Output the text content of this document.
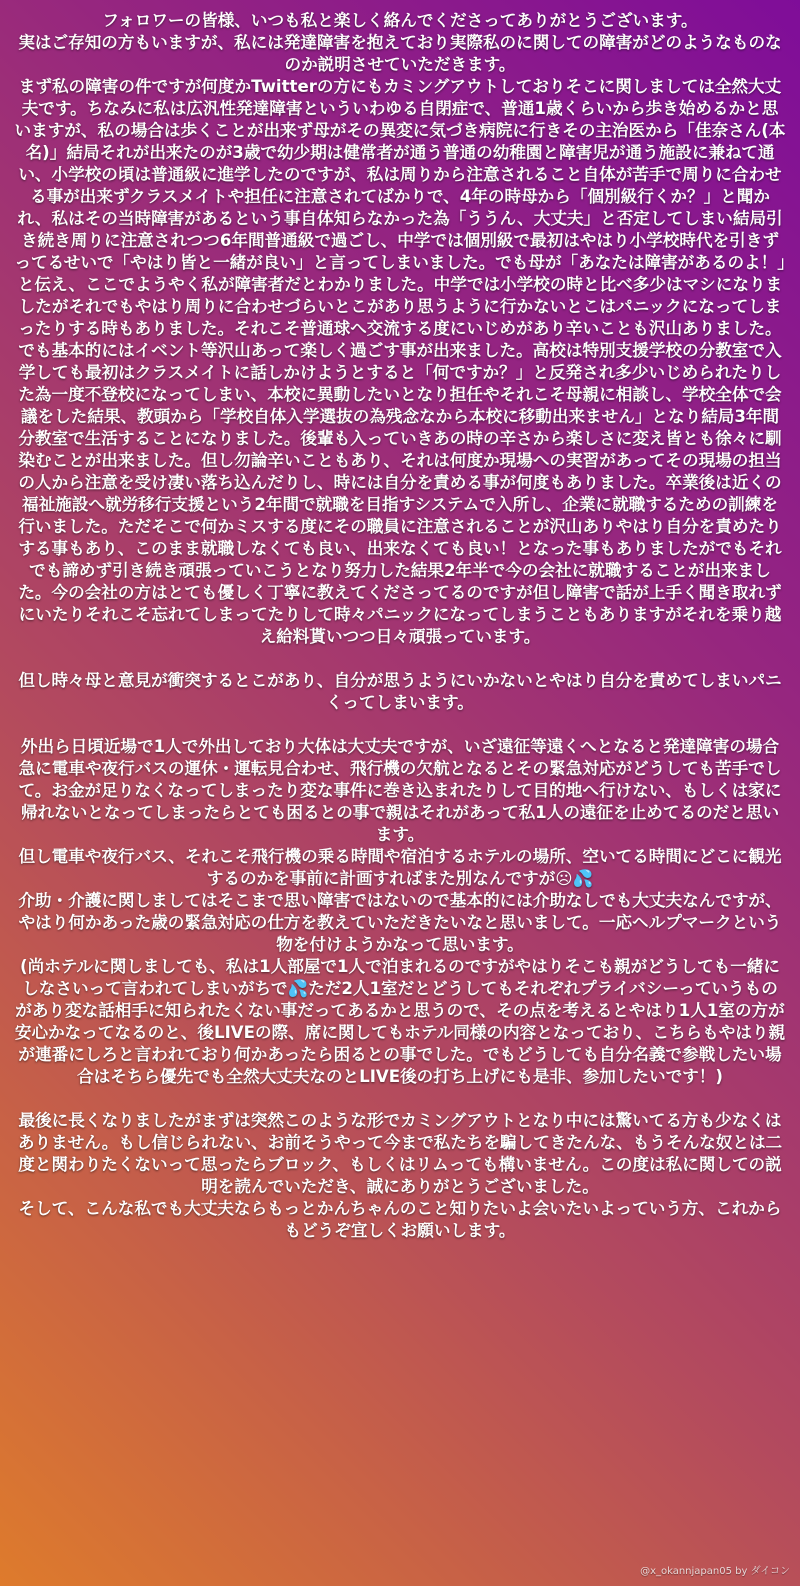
フォロワーの皆様、いつも私と楽しく絡んでくださってありがとうございます。
実はご存知の方もいますが、私には発達障害を抱えており実際私のに関しての障害がどのようなものなのか説明させていただきます。
まず私の障害の件ですが何度かTwitterの方にもカミングアウトしておりそこに関しましては全然大丈夫です。ちなみに私は広汎性発達障害といういわゆる自閉症で、普通1歳くらいから歩き始めるかと思いますが、私の場合は歩くことが出来ず母がその異変に気づき病院に行きその主治医から「佳奈さん(本名)」結局それが出来たのが3歳で幼少期は健常者が通う普通の幼稚園と障害児が通う施設に兼ねて通い、小学校の頃は普通級に進学したのですが、私は周りから注意されること自体が苦手で周りに合わせる事が出来ずクラスメイトや担任に注意されてばかりで、4年の時母から「個別級行くか？」と聞かれ、私はその当時障害があるという事自体知らなかった為「ううん、大丈夫」と否定してしまい結局引き続き周りに注意されつつ6年間普通級で過ごし、中学では個別級で最初はやはり小学校時代を引きずってるせいで「やはり皆と一緒が良い」と言ってしまいました。でも母が「あなたは障害があるのよ！」と伝え、ここでようやく私が障害者だとわかりました。中学では小学校の時と比べ多少はマシになりましたがそれでもやはり周りに合わせづらいとこがあり思うように行かないとこはパニックになってしまったりする時もありました。それこそ普通球へ交流する度にいじめがあり辛いことも沢山ありました。でも基本的にはイベント等沢山あって楽しく過ごす事が出来ました。高校は特別支援学校の分教室で入学しても最初はクラスメイトに話しかけようとすると「何ですか？」と反発され多少いじめられたりした為一度不登校になってしまい、本校に異動したいとなり担任やそれこそ母親に相談し、学校全体で会議をした結果、教頭から「学校自体入学選抜の為残念なから本校に移動出来ません」となり結局3年間分教室で生活することになりました。後輩も入っていきあの時の辛さから楽しさに変え皆とも徐々に馴染むことが出来ました。但し勿論辛いこともあり、それは何度か現場への実習があってその現場の担当の人から注意を受け凄い落ち込んだりし、時には自分を責める事が何度もありました。卒業後は近くの福祉施設へ就労移行支援という2年間で就職を目指すシステムで入所し、企業に就職するための訓練を行いました。ただそこで何かミスする度にその職員に注意されることが沢山ありやはり自分を責めたりする事もあり、このまま就職しなくても良い、出来なくても良い！となった事もありましたがでもそれでも諦めず引き続き頑張っていこうとなり努力した結果2年半で今の会社に就職することが出来ました。今の会社の方はとても優しく丁寧に教えてくださってるのですが但し障害で話が上手く聞き取れずにいたりそれこそ忘れてしまってたりして時々パニックになってしまうこともありますがそれを乗り越え給料貰いつつ日々頑張っています。

但し時々母と意見が衝突するとこがあり、自分が思うようにいかないとやはり自分を責めてしまいパニくってしまいます。

外出ら日頃近場で1人で外出しており大体は大丈夫ですが、いざ遠征等遠くへとなると発達障害の場合急に電車や夜行バスの運休・運転見合わせ、飛行機の欠航となるとその緊急対応がどうしても苦手でして。お金が足りなくなってしまったり変な事件に巻き込まれたりして目的地へ行けない、もしくは家に帰れないとなってしまったらとても困るとの事で親はそれがあって私1人の遠征を止めてるのだと思います。
但し電車や夜行バス、それこそ飛行機の乗る時間や宿泊するホテルの場所、空いてる時間にどこに観光するのかを事前に計画すればまた別なんですが☹💦
介助・介護に関しましてはそこまで思い障害ではないので基本的には介助なしでも大丈夫なんですが、やはり何かあった歳の緊急対応の仕方を教えていただきたいなと思いまして。一応ヘルプマークという物を付けようかなって思います。
(尚ホテルに関しましても、私は1人部屋で1人で泊まれるのですがやはりそこも親がどうしても一緒にしなさいって言われてしまいがちで💦ただ2人1室だとどうしてもそれぞれプライバシーっていうものがあり変な話相手に知られたくない事だってあるかと思うので、その点を考えるとやはり1人1室の方が安心かなってなるのと、後LIVEの際、席に関してもホテル同様の内容となっており、こちらもやはり親が連番にしろと言われており何かあったら困るとの事でした。でもどうしても自分名義で参戦したい場合はそちら優先でも全然大丈夫なのとLIVE後の打ち上げにも是非、参加したいです！)

最後に長くなりましたがまずは突然このような形でカミングアウトとなり中には驚いてる方も少なくはありません。もし信じられない、お前そうやって今まで私たちを騙してきたんな、もうそんな奴とは二度と関わりたくないって思ったらブロック、もしくはリムっても構いません。この度は私に関しての説明を読んでいただき、誠にありがとうございました。
そして、こんな私でも大丈夫ならもっとかんちゃんのこと知りたいよ会いたいよっていう方、これからもどうぞ宜しくお願いします。

@x_okannjapan05 by ダイコン
